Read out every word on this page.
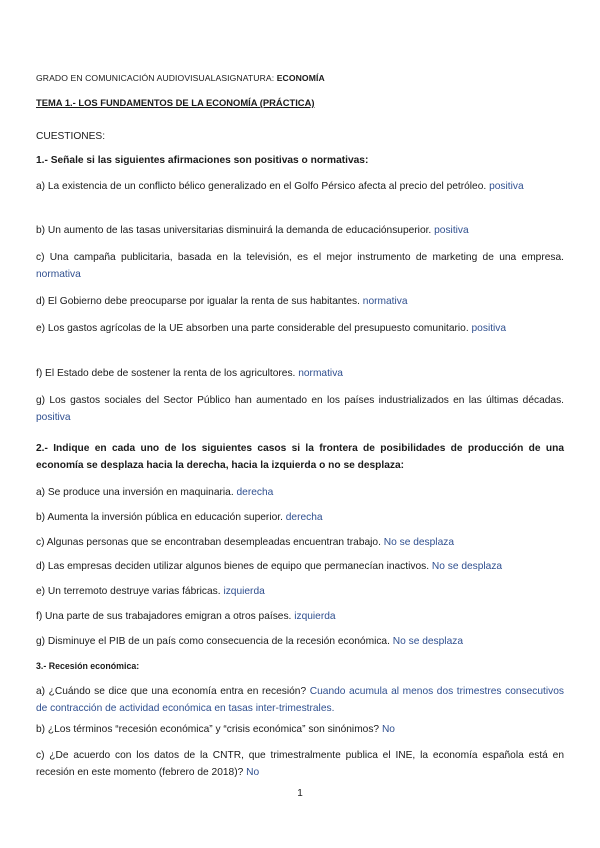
GRADO EN COMUNICACIÓN AUDIOVISUALASIGNATURA: ECONOMÍA
TEMA 1.- LOS FUNDAMENTOS DE LA ECONOMÍA (PRÁCTICA)
CUESTIONES:
1.- Señale si las siguientes afirmaciones son positivas o normativas:
a) La existencia de un conflicto bélico generalizado en el Golfo Pérsico afecta al precio del petróleo. positiva
b) Un aumento de las tasas universitarias disminuirá la demanda de educaciónsuperior. positiva
c) Una campaña publicitaria, basada en la televisión, es el mejor instrumento de marketing de una empresa. normativa
d) El Gobierno debe preocuparse por igualar la renta de sus habitantes. normativa
e) Los gastos agrícolas de la UE absorben una parte considerable del presupuesto comunitario. positiva
f) El Estado debe de sostener la renta de los agricultores. normativa
g) Los gastos sociales del Sector Público han aumentado en los países industrializados en las últimas décadas. positiva
2.- Indique en cada uno de los siguientes casos si la frontera de posibilidades de producción de una economía se desplaza hacia la derecha, hacia la izquierda o no se desplaza:
a) Se produce una inversión en maquinaria. derecha
b) Aumenta la inversión pública en educación superior. derecha
c) Algunas personas que se encontraban desempleadas encuentran trabajo. No se desplaza
d) Las empresas deciden utilizar algunos bienes de equipo que permanecían inactivos. No se desplaza
e) Un terremoto destruye varias fábricas. izquierda
f) Una parte de sus trabajadores emigran a otros países. izquierda
g) Disminuye el PIB de un país como consecuencia de la recesión económica. No se desplaza
3.- Recesión económica:
a) ¿Cuándo se dice que una economía entra en recesión? Cuando acumula al menos dos trimestres consecutivos de contracción de actividad económica en tasas inter-trimestrales.
b) ¿Los términos “recesión económica” y “crisis económica” son sinónimos? No
c) ¿De acuerdo con los datos de la CNTR, que trimestralmente publica el INE, la economía española está en recesión en este momento (febrero de 2018)? No
1
